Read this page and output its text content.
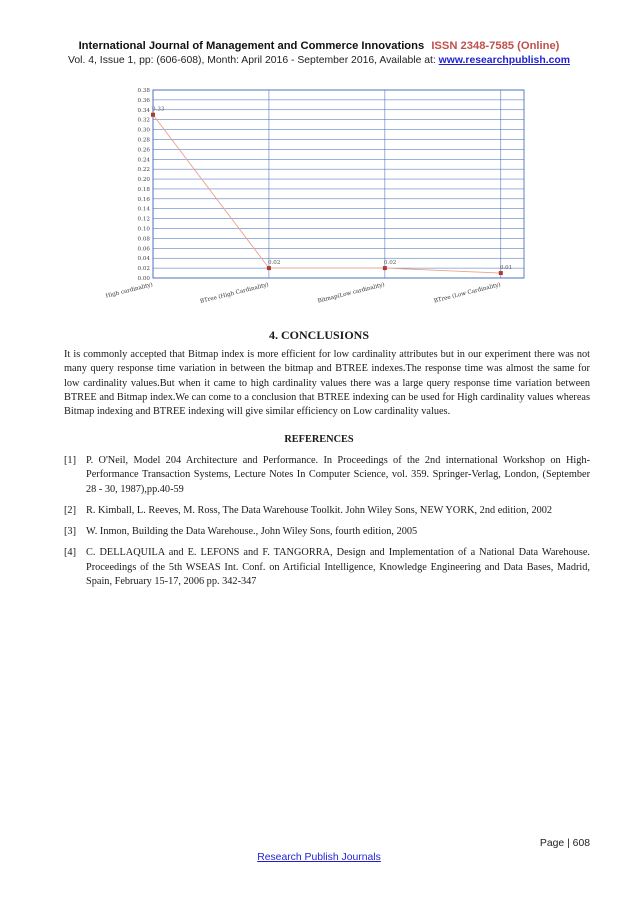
International Journal of Management and Commerce Innovations ISSN 2348-7585 (Online)
Vol. 4, Issue 1, pp: (606-608), Month: April 2016 - September 2016, Available at: www.researchpublish.com
0.00
0.02
0.04
0.06
0.08
0.10
0.12
0.14
0.16
0.18
0.20
0.22
0.24
0.26
0.28
0.30
0.32
0.34
0.36
0.38
High cardinality)	BTree (High Cardinality)	Bitmap(Low cardinality)	BTree (Low Cardinality)
0.33
0.02	0.02
0.01
4. CONCLUSIONS
It is commonly accepted that Bitmap index is more efficient for low cardinality attributes but in our experiment there was not many query response time variation in between the bitmap and BTREE indexes.The response time was almost the same for low cardinality values.But when it came to high cardinality values there was a large query response time variation between BTREE and Bitmap index.We can come to a conclusion that BTREE indexing can be used for High cardinality values whereas Bitmap indexing and BTREE indexing will give similar efficiency on Low cardinality values.
REFERENCES
[1] P. O'Neil, Model 204 Architecture and Performance. In Proceedings of the 2nd international Workshop on High-Performance Transaction Systems, Lecture Notes In Computer Science, vol. 359. Springer-Verlag, London, (September 28 - 30, 1987),pp.40-59
[2] R. Kimball, L. Reeves, M. Ross, The Data Warehouse Toolkit. John Wiley Sons, NEW YORK, 2nd edition, 2002
[3] W. Inmon, Building the Data Warehouse., John Wiley Sons, fourth edition, 2005
[4] C. DELLAQUILA and E. LEFONS and F. TANGORRA, Design and Implementation of a National Data Warehouse. Proceedings of the 5th WSEAS Int. Conf. on Artificial Intelligence, Knowledge Engineering and Data Bases, Madrid, Spain, February 15-17, 2006 pp. 342-347
Page | 608
Research Publish Journals
